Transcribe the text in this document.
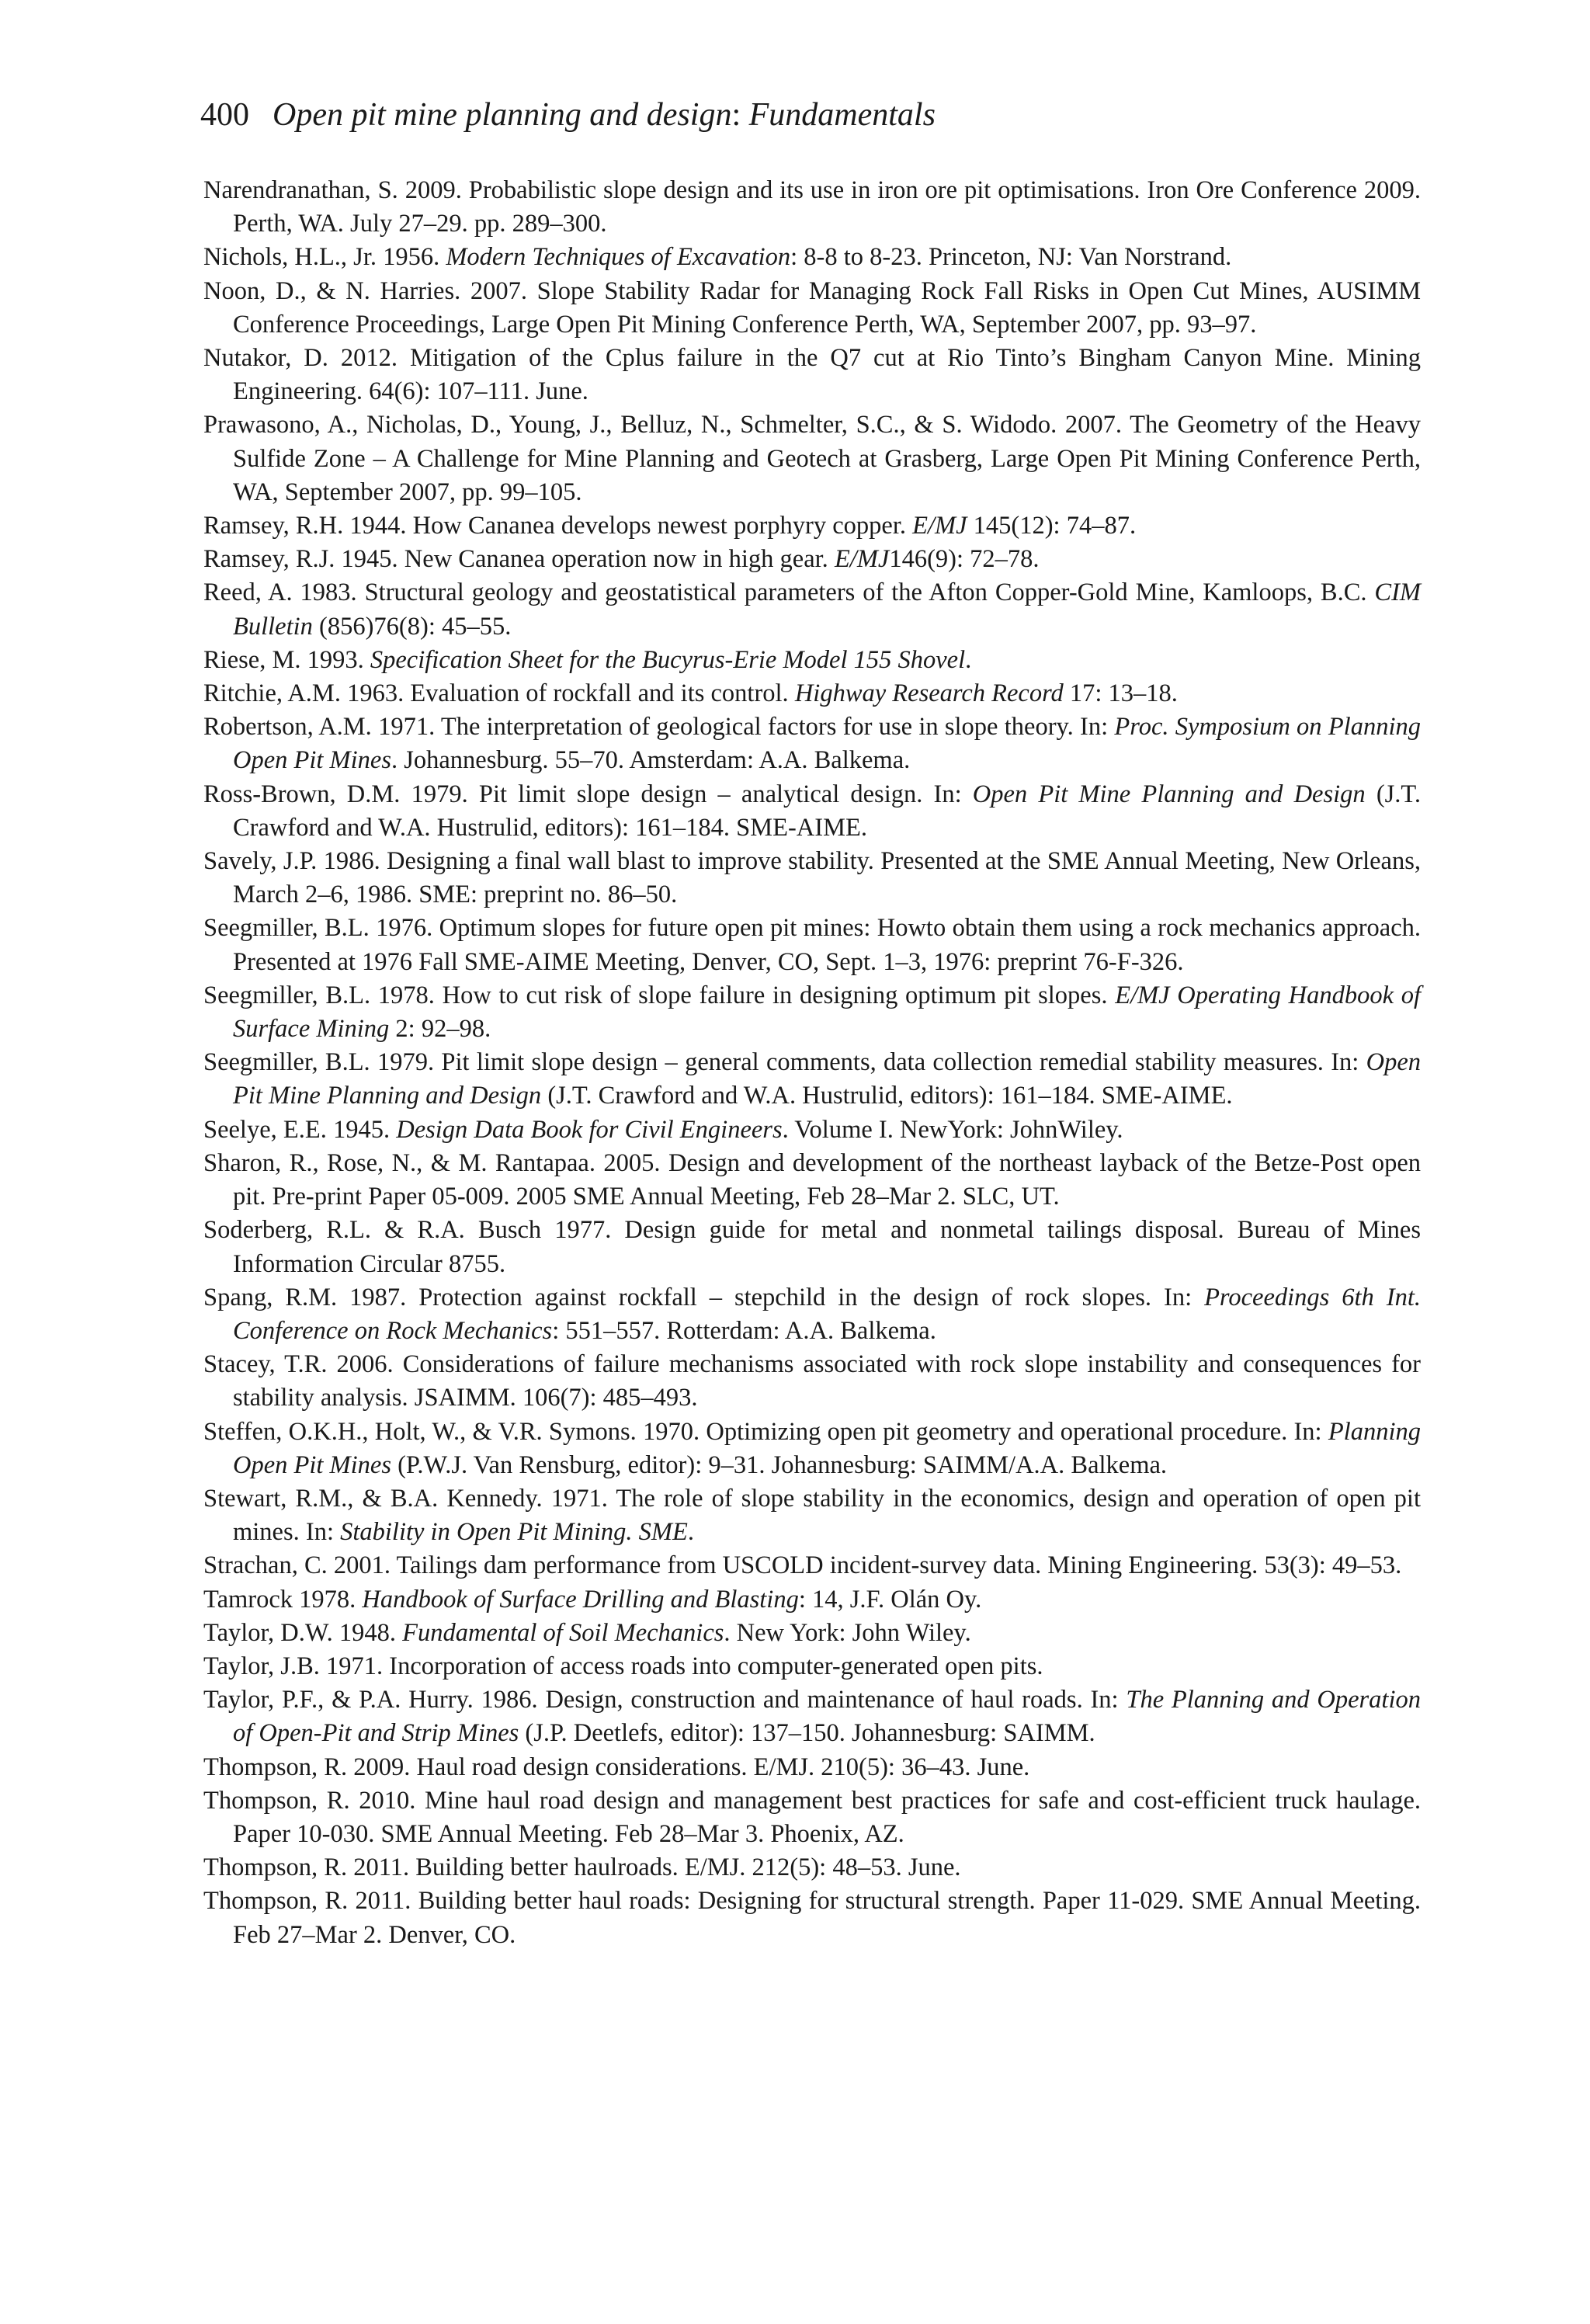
400 Open pit mine planning and design: Fundamentals
Narendranathan, S. 2009. Probabilistic slope design and its use in iron ore pit optimisations. Iron Ore Conference 2009. Perth, WA. July 27–29. pp. 289–300.
Nichols, H.L., Jr. 1956. Modern Techniques of Excavation: 8-8 to 8-23. Princeton, NJ: Van Norstrand.
Noon, D., & N. Harries. 2007. Slope Stability Radar for Managing Rock Fall Risks in Open Cut Mines, AUSIMM Conference Proceedings, Large Open Pit Mining Conference Perth, WA, September 2007, pp. 93–97.
Nutakor, D. 2012. Mitigation of the Cplus failure in the Q7 cut at Rio Tinto’s Bingham Canyon Mine. Mining Engineering. 64(6): 107–111. June.
Prawasono, A., Nicholas, D., Young, J., Belluz, N., Schmelter, S.C., & S. Widodo. 2007. The Geometry of the Heavy Sulfide Zone – A Challenge for Mine Planning and Geotech at Grasberg, Large Open Pit Mining Conference Perth, WA, September 2007, pp. 99–105.
Ramsey, R.H. 1944. How Cananea develops newest porphyry copper. E/MJ 145(12): 74–87.
Ramsey, R.J. 1945. New Cananea operation now in high gear. E/MJ146(9): 72–78.
Reed, A. 1983. Structural geology and geostatistical parameters of the Afton Copper-Gold Mine, Kamloops, B.C. CIM Bulletin (856)76(8): 45–55.
Riese, M. 1993. Specification Sheet for the Bucyrus-Erie Model 155 Shovel.
Ritchie, A.M. 1963. Evaluation of rockfall and its control. Highway Research Record 17: 13–18.
Robertson, A.M. 1971. The interpretation of geological factors for use in slope theory. In: Proc. Symposium on Planning Open Pit Mines. Johannesburg. 55–70. Amsterdam: A.A. Balkema.
Ross-Brown, D.M. 1979. Pit limit slope design – analytical design. In: Open Pit Mine Planning and Design (J.T. Crawford and W.A. Hustrulid, editors): 161–184. SME-AIME.
Savely, J.P. 1986. Designing a final wall blast to improve stability. Presented at the SME Annual Meeting, New Orleans, March 2–6, 1986. SME: preprint no. 86–50.
Seegmiller, B.L. 1976. Optimum slopes for future open pit mines: Howto obtain them using a rock mechanics approach. Presented at 1976 Fall SME-AIME Meeting, Denver, CO, Sept. 1–3, 1976: preprint 76-F-326.
Seegmiller, B.L. 1978. How to cut risk of slope failure in designing optimum pit slopes. E/MJ Operating Handbook of Surface Mining 2: 92–98.
Seegmiller, B.L. 1979. Pit limit slope design – general comments, data collection remedial stability measures. In: Open Pit Mine Planning and Design (J.T. Crawford and W.A. Hustrulid, editors): 161–184. SME-AIME.
Seelye, E.E. 1945. Design Data Book for Civil Engineers. Volume I. NewYork: JohnWiley.
Sharon, R., Rose, N., & M. Rantapaa. 2005. Design and development of the northeast layback of the Betze-Post open pit. Pre-print Paper 05-009. 2005 SME Annual Meeting, Feb 28–Mar 2. SLC, UT.
Soderberg, R.L. & R.A. Busch 1977. Design guide for metal and nonmetal tailings disposal. Bureau of Mines Information Circular 8755.
Spang, R.M. 1987. Protection against rockfall – stepchild in the design of rock slopes. In: Proceedings 6th Int. Conference on Rock Mechanics: 551–557. Rotterdam: A.A. Balkema.
Stacey, T.R. 2006. Considerations of failure mechanisms associated with rock slope instability and consequences for stability analysis. JSAIMM. 106(7): 485–493.
Steffen, O.K.H., Holt, W., & V.R. Symons. 1970. Optimizing open pit geometry and operational procedure. In: Planning Open Pit Mines (P.W.J. Van Rensburg, editor): 9–31. Johannesburg: SAIMM/A.A. Balkema.
Stewart, R.M., & B.A. Kennedy. 1971. The role of slope stability in the economics, design and operation of open pit mines. In: Stability in Open Pit Mining. SME.
Strachan, C. 2001. Tailings dam performance from USCOLD incident-survey data. Mining Engineering. 53(3): 49–53.
Tamrock 1978. Handbook of Surface Drilling and Blasting: 14, J.F. Olán Oy.
Taylor, D.W. 1948. Fundamental of Soil Mechanics. New York: John Wiley.
Taylor, J.B. 1971. Incorporation of access roads into computer-generated open pits.
Taylor, P.F., & P.A. Hurry. 1986. Design, construction and maintenance of haul roads. In: The Planning and Operation of Open-Pit and Strip Mines (J.P. Deetlefs, editor): 137–150. Johannesburg: SAIMM.
Thompson, R. 2009. Haul road design considerations. E/MJ. 210(5): 36–43. June.
Thompson, R. 2010. Mine haul road design and management best practices for safe and cost-efficient truck haulage. Paper 10-030. SME Annual Meeting. Feb 28–Mar 3. Phoenix, AZ.
Thompson, R. 2011. Building better haulroads. E/MJ. 212(5): 48–53. June.
Thompson, R. 2011. Building better haul roads: Designing for structural strength. Paper 11-029. SME Annual Meeting. Feb 27–Mar 2. Denver, CO.
